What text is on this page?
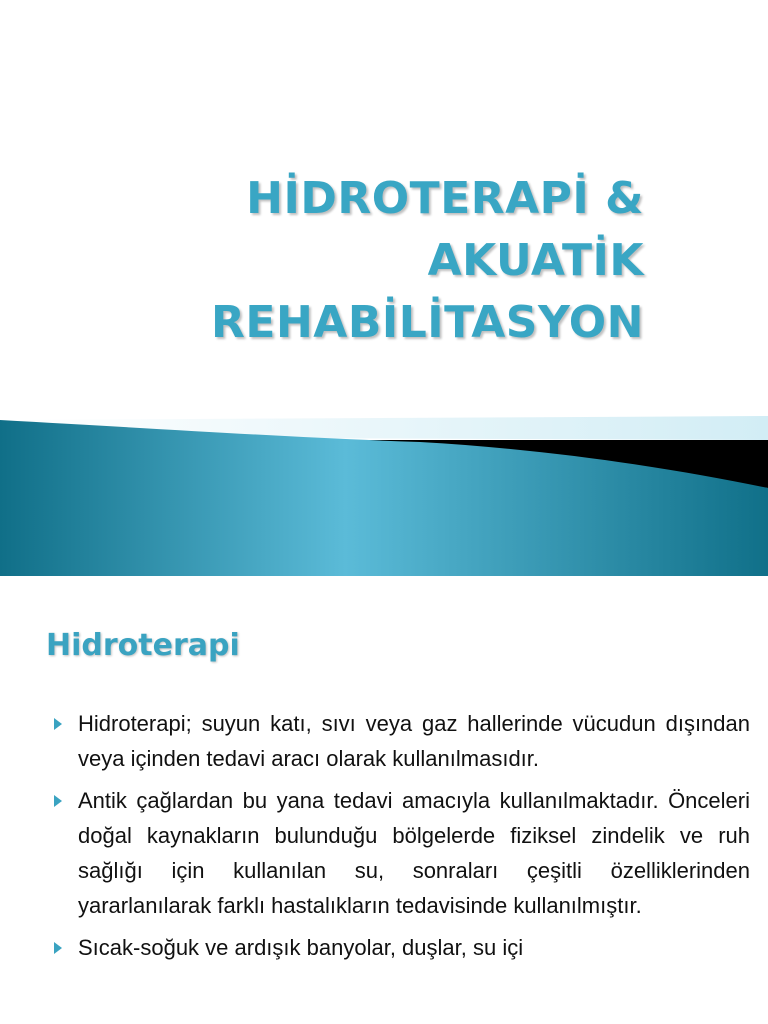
HİDROTERAPİ & AKUATİK
REHABİLİTASYON
Hidroterapi
Hidroterapi; suyun katı, sıvı veya gaz hallerinde vücudun dışından veya içinden tedavi aracı olarak kullanılmasıdır.
Antik çağlardan bu yana tedavi amacıyla kullanılmaktadır. Önceleri doğal kaynakların bulunduğu bölgelerde fiziksel zindelik ve ruh sağlığı için kullanılan su, sonraları çeşitli özelliklerinden yararlanılarak farklı hastalıkların tedavisinde kullanılmıştır.
Sıcak-soğuk ve ardışık banyolar, duşlar, su içi
